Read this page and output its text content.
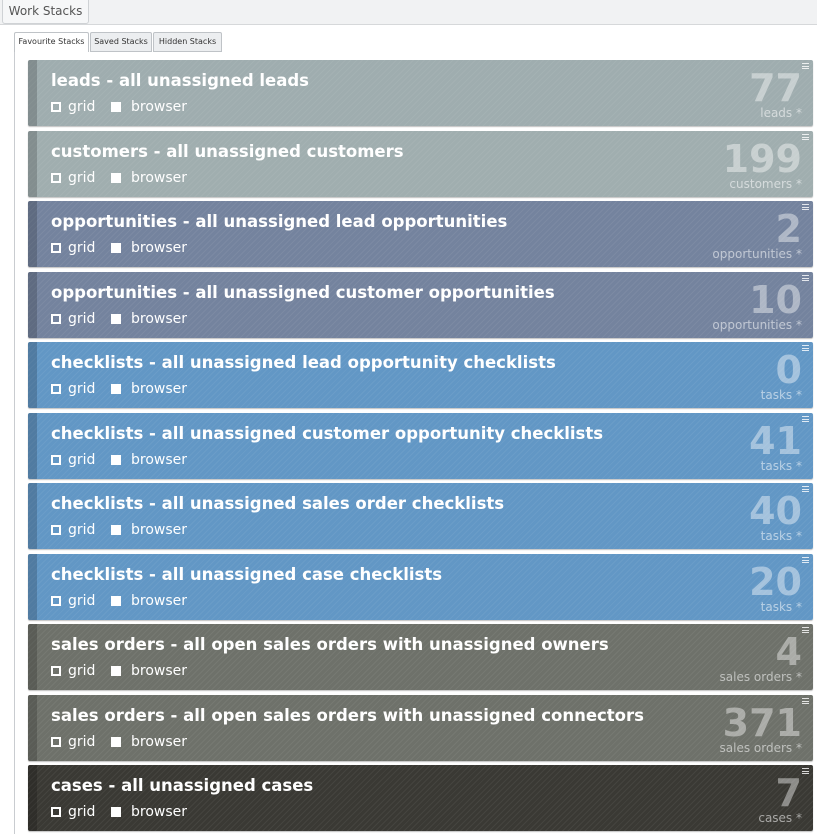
Work Stacks
Favourite Stacks	Saved Stacks	Hidden Stacks
leads - all unassigned leads
grid	browser	77
leads *
customers - all unassigned customers
grid	browser	199
customers *
opportunities - all unassigned lead opportunities
grid	browser	2
opportunities *
opportunities - all unassigned customer opportunities
grid	browser	10
opportunities *
checklists - all unassigned lead opportunity checklists
grid	browser	0
tasks *
checklists - all unassigned customer opportunity checklists
grid	browser	41
tasks *
checklists - all unassigned sales order checklists
grid	browser	40
tasks *
checklists - all unassigned case checklists
grid	browser	20
tasks *
sales orders - all open sales orders with unassigned owners
grid	browser	4
sales orders *
sales orders - all open sales orders with unassigned connectors
grid	browser	371
sales orders *
cases - all unassigned cases
grid	browser	7
cases *
